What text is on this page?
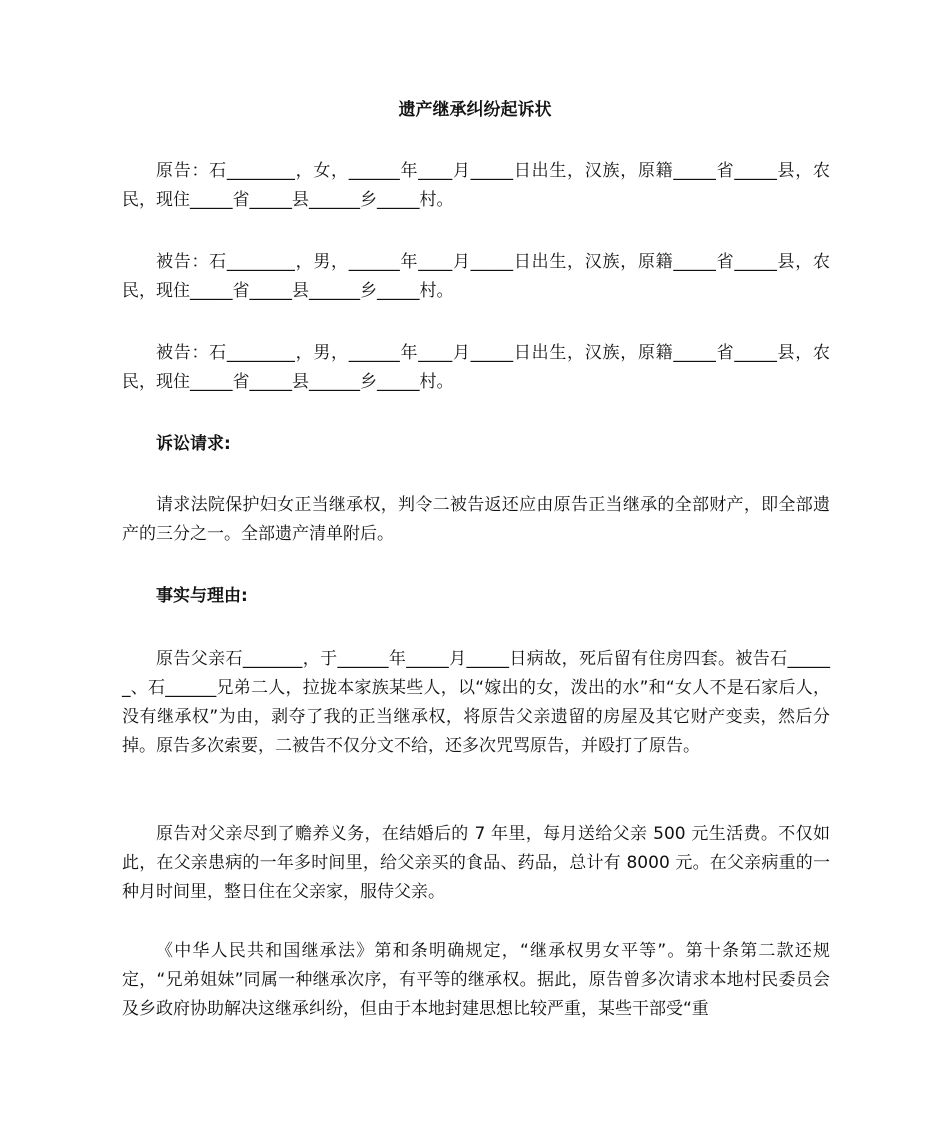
遗产继承纠纷起诉状

原告：石________，女，______年____月_____日出生，汉族，原籍_____省_____县，农民，现住_____省_____县______乡_____村。

被告：石________，男，______年____月_____日出生，汉族，原籍_____省_____县，农民，现住_____省_____县______乡_____村。

被告：石________，男，______年____月_____日出生，汉族，原籍_____省_____县，农民，现住_____省_____县______乡_____村。

诉讼请求:

请求法院保护妇女正当继承权，判令二被告返还应由原告正当继承的全部财产，即全部遗产的三分之一。全部遗产清单附后。

事实与理由:

原告父亲石_______，于______年_____月_____日病故，死后留有住房四套。被告石______、石______兄弟二人，拉拢本家族某些人，以“嫁出的女，泼出的水”和“女人不是石家后人，没有继承权”为由，剥夺了我的正当继承权，将原告父亲遗留的房屋及其它财产变卖，然后分掉。原告多次索要，二被告不仅分文不给，还多次咒骂原告，并殴打了原告。

原告对父亲尽到了赡养义务，在结婚后的 7 年里，每月送给父亲 500 元生活费。不仅如此，在父亲患病的一年多时间里，给父亲买的食品、药品，总计有 8000 元。在父亲病重的一种月时间里，整日住在父亲家，服侍父亲。

《中华人民共和国继承法》第和条明确规定，“继承权男女平等”。第十条第二款还规定，“兄弟姐妹”同属一种继承次序，有平等的继承权。据此，原告曾多次请求本地村民委员会及乡政府协助解决这继承纠纷，但由于本地封建思想比较严重，某些干部受“重
